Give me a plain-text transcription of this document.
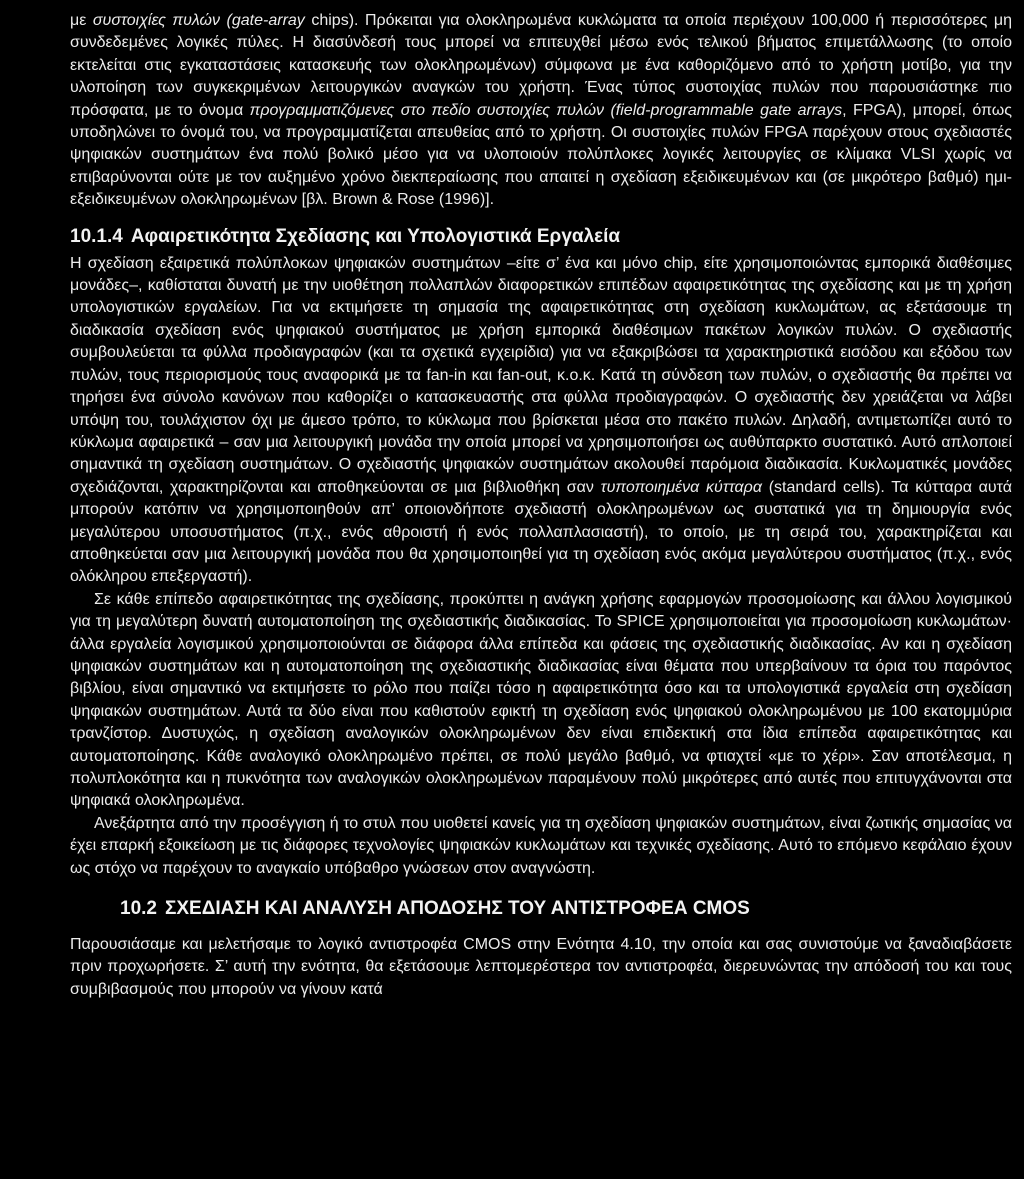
με συστοιχίες πυλών (gate-array chips). Πρόκειται για ολοκληρωμένα κυκλώματα τα οποία περιέχουν 100,000 ή περισσότερες μη συνδεδεμένες λογικές πύλες. Η διασύνδεσή τους μπορεί να επιτευχθεί μέσω ενός τελικού βήματος επιμετάλλωσης (το οποίο εκτελείται στις εγκαταστάσεις κατασκευής των ολοκληρωμένων) σύμφωνα με ένα καθοριζόμενο από το χρήστη μοτίβο, για την υλοποίηση των συγκεκριμένων λειτουργικών αναγκών του χρήστη. Ένας τύπος συστοιχίας πυλών που παρουσιάστηκε πιο πρόσφατα, με το όνομα προγραμματιζόμενες στο πεδίο συστοιχίες πυλών (field-programmable gate arrays, FPGA), μπορεί, όπως υποδηλώνει το όνομά του, να προγραμματίζεται απευθείας από το χρήστη. Οι συστοιχίες πυλών FPGA παρέχουν στους σχεδιαστές ψηφιακών συστημάτων ένα πολύ βολικό μέσο για να υλοποιούν πολύπλοκες λογικές λειτουργίες σε κλίμακα VLSI χωρίς να επιβαρύνονται ούτε με τον αυξημένο χρόνο διεκπεραίωσης που απαιτεί η σχεδίαση εξειδικευμένων και (σε μικρότερο βαθμό) ημι-εξειδικευμένων ολοκληρωμένων [βλ. Brown & Rose (1996)].

10.1.4 Αφαιρετικότητα Σχεδίασης και Υπολογιστικά Εργαλεία

Η σχεδίαση εξαιρετικά πολύπλοκων ψηφιακών συστημάτων –είτε σ’ ένα και μόνο chip, είτε χρησιμοποιώντας εμπορικά διαθέσιμες μονάδες–, καθίσταται δυνατή με την υιοθέτηση πολλαπλών διαφορετικών επιπέδων αφαιρετικότητας της σχεδίασης και με τη χρήση υπολογιστικών εργαλείων. Για να εκτιμήσετε τη σημασία της αφαιρετικότητας στη σχεδίαση κυκλωμάτων, ας εξετάσουμε τη διαδικασία σχεδίαση ενός ψηφιακού συστήματος με χρήση εμπορικά διαθέσιμων πακέτων λογικών πυλών. Ο σχεδιαστής συμβουλεύεται τα φύλλα προδιαγραφών (και τα σχετικά εγχειρίδια) για να εξακριβώσει τα χαρακτηριστικά εισόδου και εξόδου των πυλών, τους περιορισμούς τους αναφορικά με τα fan-in και fan-out, κ.ο.κ. Κατά τη σύνδεση των πυλών, ο σχεδιαστής θα πρέπει να τηρήσει ένα σύνολο κανόνων που καθορίζει ο κατασκευαστής στα φύλλα προδιαγραφών. Ο σχεδιαστής δεν χρειάζεται να λάβει υπόψη του, τουλάχιστον όχι με άμεσο τρόπο, το κύκλωμα που βρίσκεται μέσα στο πακέτο πυλών. Δηλαδή, αντιμετωπίζει αυτό το κύκλωμα αφαιρετικά – σαν μια λειτουργική μονάδα την οποία μπορεί να χρησιμοποιήσει ως αυθύπαρκτο συστατικό. Αυτό απλοποιεί σημαντικά τη σχεδίαση συστημάτων. Ο σχεδιαστής ψηφιακών συστημάτων ακολουθεί παρόμοια διαδικασία. Κυκλωματικές μονάδες σχεδιάζονται, χαρακτηρίζονται και αποθηκεύονται σε μια βιβλιοθήκη σαν τυποποιημένα κύτταρα (standard cells). Τα κύτταρα αυτά μπορούν κατόπιν να χρησιμοποιηθούν απ’ οποιονδήποτε σχεδιαστή ολοκληρωμένων ως συστατικά για τη δημιουργία ενός μεγαλύτερου υποσυστήματος (π.χ., ενός αθροιστή ή ενός πολλαπλασιαστή), το οποίο, με τη σειρά του, χαρακτηρίζεται και αποθηκεύεται σαν μια λειτουργική μονάδα που θα χρησιμοποιηθεί για τη σχεδίαση ενός ακόμα μεγαλύτερου συστήματος (π.χ., ενός ολόκληρου επεξεργαστή).

Σε κάθε επίπεδο αφαιρετικότητας της σχεδίασης, προκύπτει η ανάγκη χρήσης εφαρμογών προσομοίωσης και άλλου λογισμικού για τη μεγαλύτερη δυνατή αυτοματοποίηση της σχεδιαστικής διαδικασίας. Το SPICE χρησιμοποιείται για προσομοίωση κυκλωμάτων· άλλα εργαλεία λογισμικού χρησιμοποιούνται σε διάφορα άλλα επίπεδα και φάσεις της σχεδιαστικής διαδικασίας. Αν και η σχεδίαση ψηφιακών συστημάτων και η αυτοματοποίηση της σχεδιαστικής διαδικασίας είναι θέματα που υπερβαίνουν τα όρια του παρόντος βιβλίου, είναι σημαντικό να εκτιμήσετε το ρόλο που παίζει τόσο η αφαιρετικότητα όσο και τα υπολογιστικά εργαλεία στη σχεδίαση ψηφιακών συστημάτων. Αυτά τα δύο είναι που καθιστούν εφικτή τη σχεδίαση ενός ψηφιακού ολοκληρωμένου με 100 εκατομμύρια τρανζίστορ. Δυστυχώς, η σχεδίαση αναλογικών ολοκληρωμένων δεν είναι επιδεκτική στα ίδια επίπεδα αφαιρετικότητας και αυτοματοποίησης. Κάθε αναλογικό ολοκληρωμένο πρέπει, σε πολύ μεγάλο βαθμό, να φτιαχτεί «με το χέρι». Σαν αποτέλεσμα, η πολυπλοκότητα και η πυκνότητα των αναλογικών ολοκληρωμένων παραμένουν πολύ μικρότερες από αυτές που επιτυγχάνονται στα ψηφιακά ολοκληρωμένα.

Ανεξάρτητα από την προσέγγιση ή το στυλ που υιοθετεί κανείς για τη σχεδίαση ψηφιακών συστημάτων, είναι ζωτικής σημασίας να έχει επαρκή εξοικείωση με τις διάφορες τεχνολογίες ψηφιακών κυκλωμάτων και τεχνικές σχεδίασης. Αυτό το επόμενο κεφάλαιο έχουν ως στόχο να παρέχουν το αναγκαίο υπόβαθρο γνώσεων στον αναγνώστη.

10.2 ΣΧΕΔΙΑΣΗ ΚΑΙ ΑΝΑΛΥΣΗ ΑΠΟΔΟΣΗΣ ΤΟΥ ΑΝΤΙΣΤΡΟΦΕΑ CMOS

Παρουσιάσαμε και μελετήσαμε το λογικό αντιστροφέα CMOS στην Ενότητα 4.10, την οποία και σας συνιστούμε να ξαναδιαβάσετε πριν προχωρήσετε. Σ’ αυτή την ενότητα, θα εξετάσουμε λεπτομερέστερα τον αντιστροφέα, διερευνώντας την απόδοσή του και τους συμβιβασμούς που μπορούν να γίνουν κατά
